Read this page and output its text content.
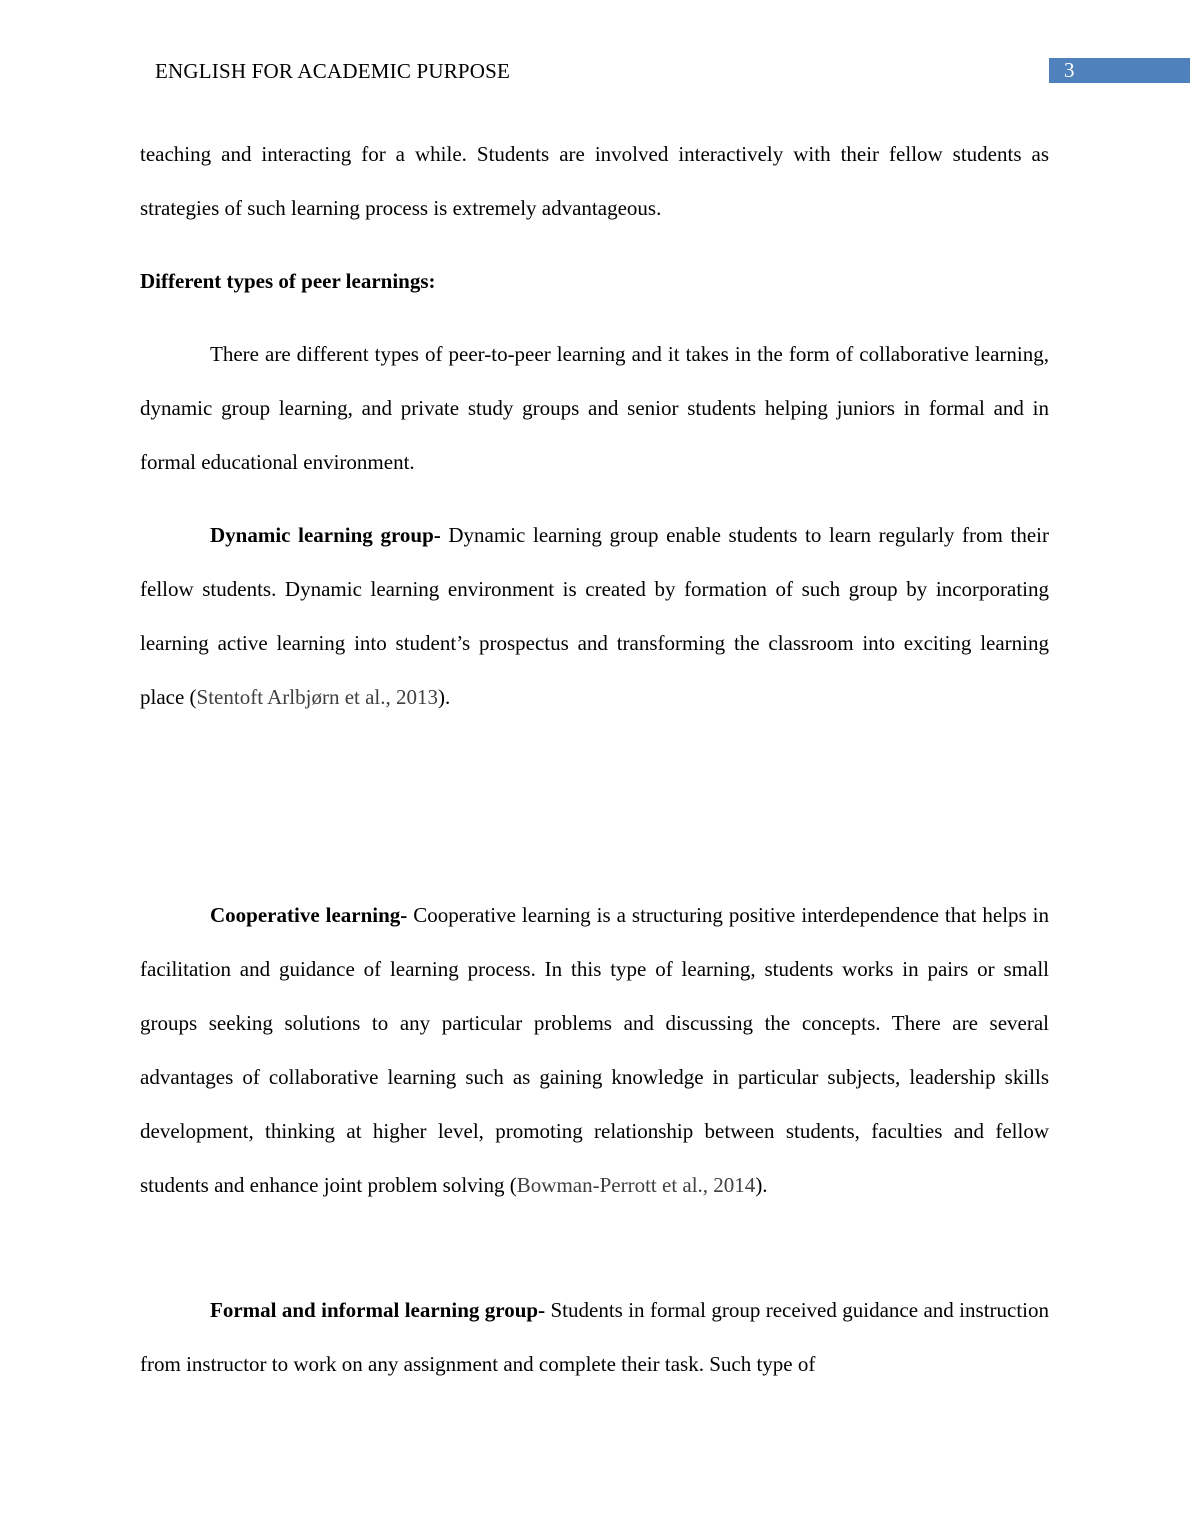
ENGLISH FOR ACADEMIC PURPOSE	3
teaching and interacting for a while. Students are involved interactively with their fellow students as strategies of such learning process is extremely advantageous.
Different types of peer learnings:
There are different types of peer-to-peer learning and it takes in the form of collaborative learning, dynamic group learning, and private study groups and senior students helping juniors in formal and in formal educational environment.
Dynamic learning group- Dynamic learning group enable students to learn regularly from their fellow students. Dynamic learning environment is created by formation of such group by incorporating learning active learning into student’s prospectus and transforming the classroom into exciting learning place (Stentoft Arlbjørn et al., 2013).
Cooperative learning- Cooperative learning is a structuring positive interdependence that helps in facilitation and guidance of learning process. In this type of learning, students works in pairs or small groups seeking solutions to any particular problems and discussing the concepts. There are several advantages of collaborative learning such as gaining knowledge in particular subjects, leadership skills development, thinking at higher level, promoting relationship between students, faculties and fellow students and enhance joint problem solving (Bowman-Perrott et al., 2014).
Formal and informal learning group- Students in formal group received guidance and instruction from instructor to work on any assignment and complete their task. Such type of
